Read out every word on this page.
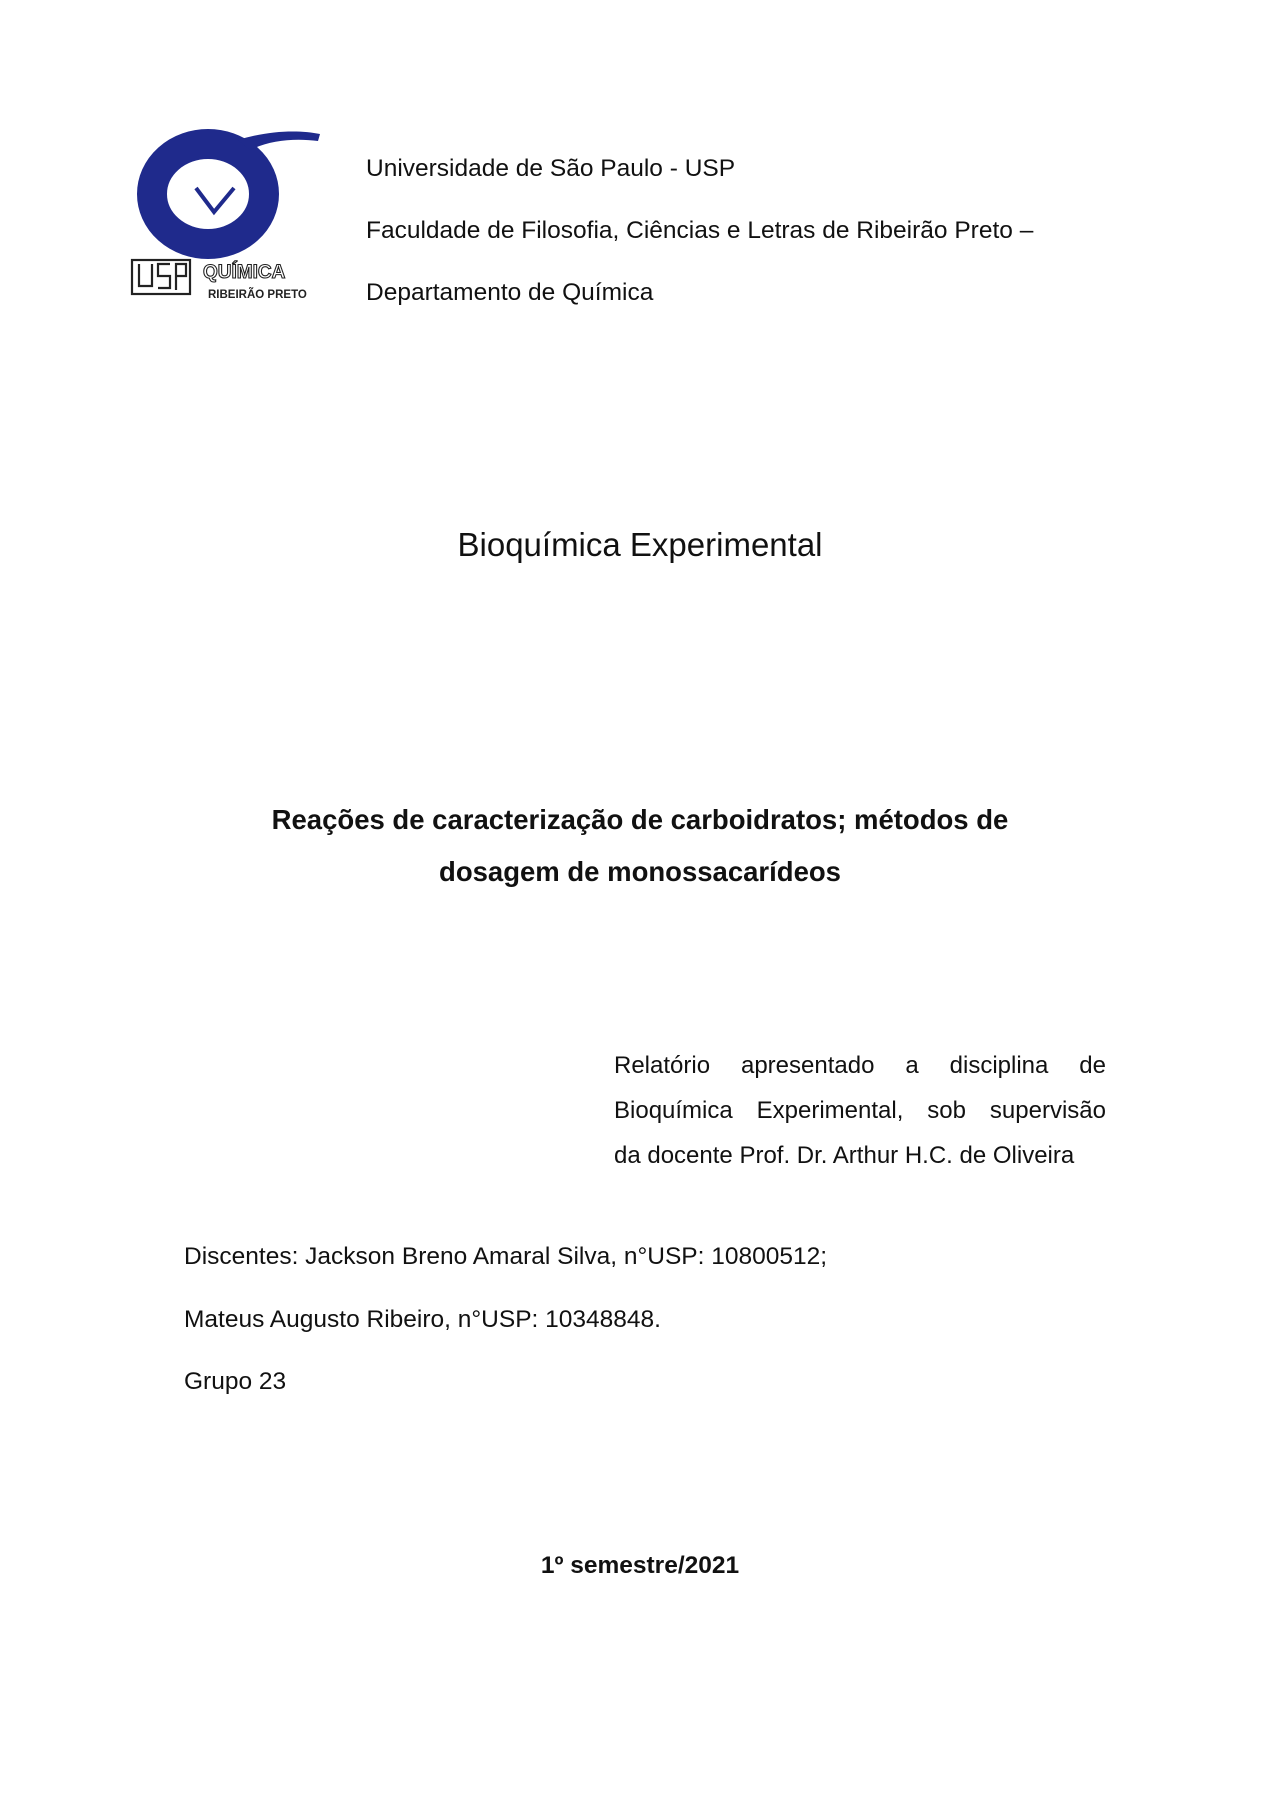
QUÍMICA
RIBEIRÃO PRETO
Universidade de São Paulo - USP
Faculdade de Filosofia, Ciências e Letras de Ribeirão Preto –
Departamento de Química
Bioquímica Experimental
Reações de caracterização de carboidratos; métodos de
dosagem de monossacarídeos
Relatório apresentado a disciplina de
Bioquímica Experimental, sob supervisão
da docente Prof. Dr. Arthur H.C. de Oliveira
Discentes: Jackson Breno Amaral Silva, n°USP: 10800512;
Mateus Augusto Ribeiro, n°USP: 10348848.
Grupo 23
1º semestre/2021
